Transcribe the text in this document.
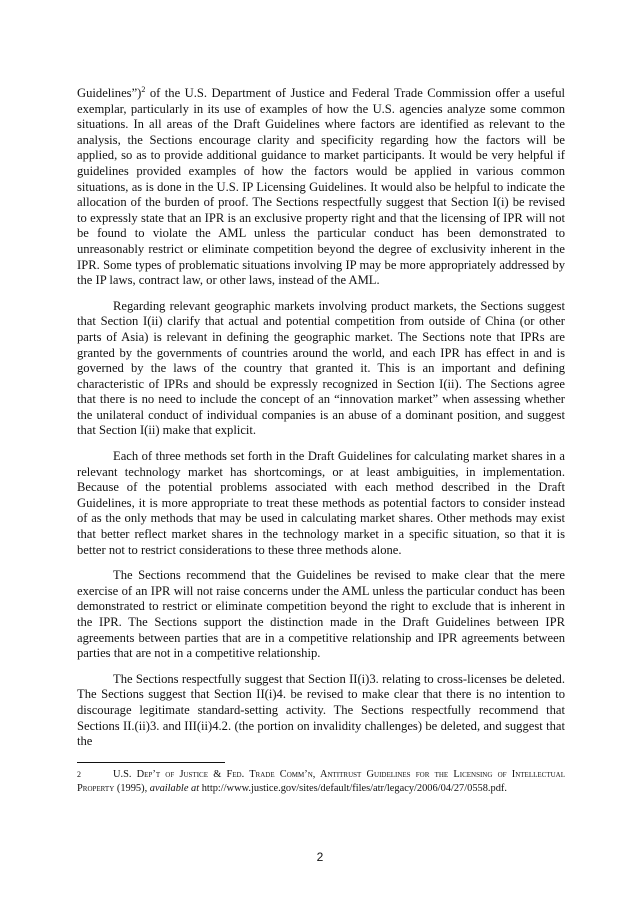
Guidelines”)$^2$ of the U.S. Department of Justice and Federal Trade Commission offer a useful exemplar, particularly in its use of examples of how the U.S. agencies analyze some common situations. In all areas of the Draft Guidelines where factors are identified as relevant to the analysis, the Sections encourage clarity and specificity regarding how the factors will be applied, so as to provide additional guidance to market participants. It would be very helpful if guidelines provided examples of how the factors would be applied in various common situations, as is done in the U.S. IP Licensing Guidelines. It would also be helpful to indicate the allocation of the burden of proof. The Sections respectfully suggest that Section I(i) be revised to expressly state that an IPR is an exclusive property right and that the licensing of IPR will not be found to violate the AML unless the particular conduct has been demonstrated to unreasonably restrict or eliminate competition beyond the degree of exclusivity inherent in the IPR. Some types of problematic situations involving IP may be more appropriately addressed by the IP laws, contract law, or other laws, instead of the AML.

Regarding relevant geographic markets involving product markets, the Sections suggest that Section I(ii) clarify that actual and potential competition from outside of China (or other parts of Asia) is relevant in defining the geographic market. The Sections note that IPRs are granted by the governments of countries around the world, and each IPR has effect in and is governed by the laws of the country that granted it. This is an important and defining characteristic of IPRs and should be expressly recognized in Section I(ii). The Sections agree that there is no need to include the concept of an “innovation market” when assessing whether the unilateral conduct of individual companies is an abuse of a dominant position, and suggest that Section I(ii) make that explicit.

Each of three methods set forth in the Draft Guidelines for calculating market shares in a relevant technology market has shortcomings, or at least ambiguities, in implementation. Because of the potential problems associated with each method described in the Draft Guidelines, it is more appropriate to treat these methods as potential factors to consider instead of as the only methods that may be used in calculating market shares. Other methods may exist that better reflect market shares in the technology market in a specific situation, so that it is better not to restrict considerations to these three methods alone.

The Sections recommend that the Guidelines be revised to make clear that the mere exercise of an IPR will not raise concerns under the AML unless the particular conduct has been demonstrated to restrict or eliminate competition beyond the right to exclude that is inherent in the IPR. The Sections support the distinction made in the Draft Guidelines between IPR agreements between parties that are in a competitive relationship and IPR agreements between parties that are not in a competitive relationship.

The Sections respectfully suggest that Section II(i)3. relating to cross-licenses be deleted. The Sections suggest that Section II(i)4. be revised to make clear that there is no intention to discourage legitimate standard-setting activity. The Sections respectfully recommend that Sections II.(ii)3. and III(ii)4.2. (the portion on invalidity challenges) be deleted, and suggest that the

2	U.S. Dep’t of Justice & Fed. Trade Comm’n, Antitrust Guidelines for the Licensing of Intellectual Property (1995), available at http://www.justice.gov/sites/default/files/atr/legacy/2006/04/27/0558.pdf.
2
